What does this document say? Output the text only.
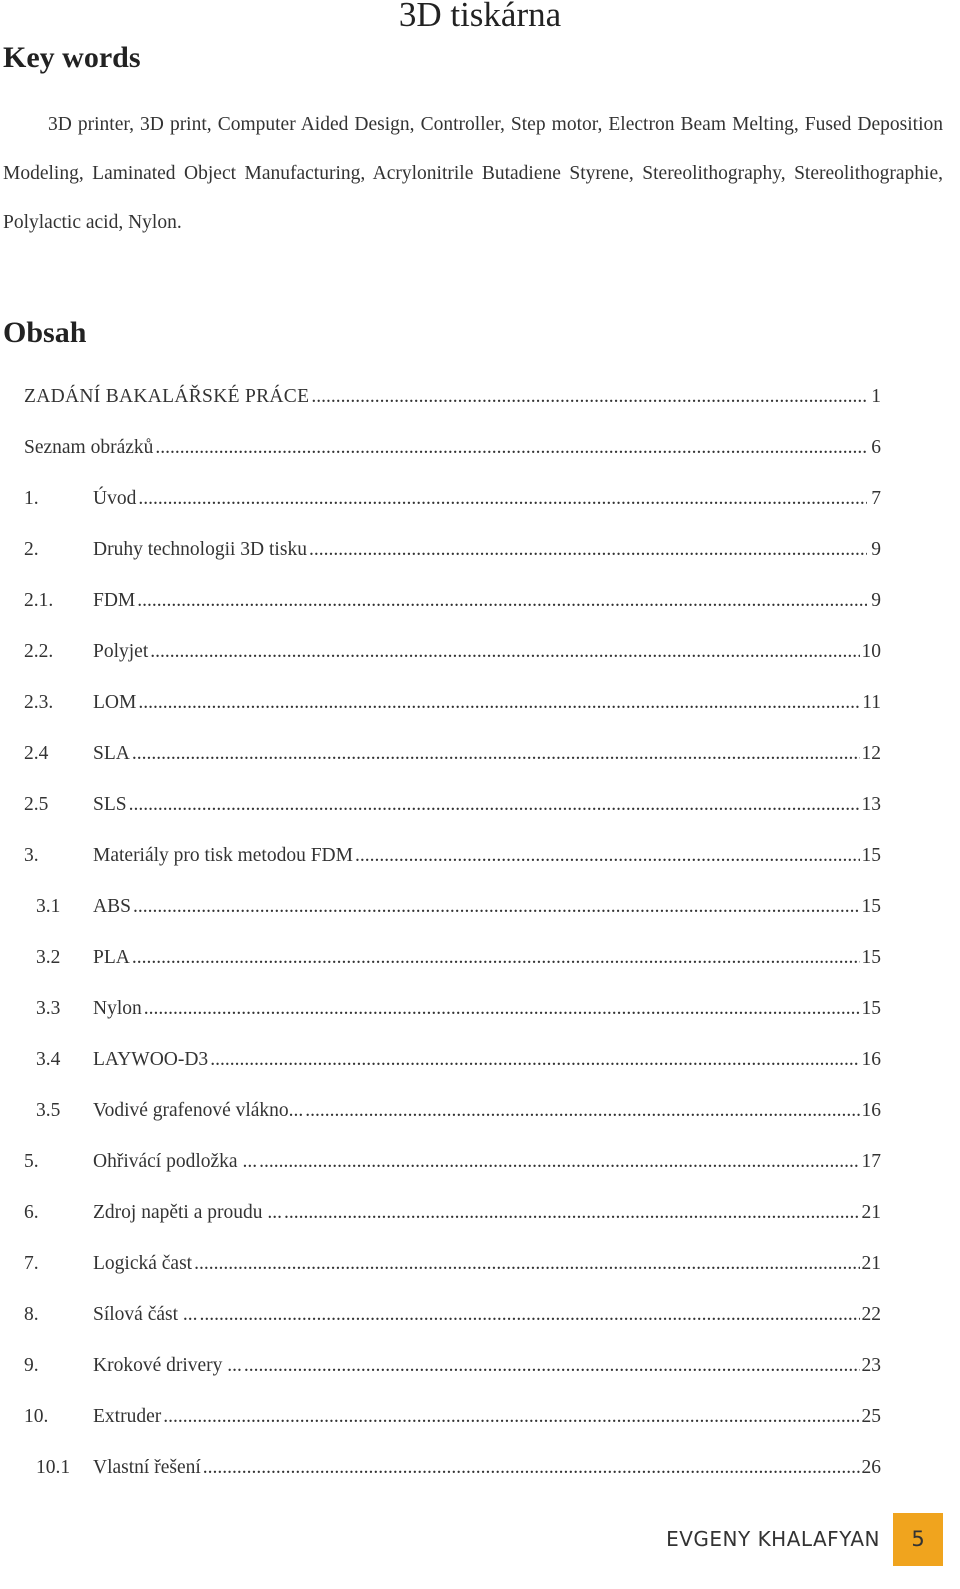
3D tiskárna
Key words
3D printer, 3D print, Computer Aided Design, Controller, Step motor, Electron Beam Melting, Fused Deposition Modeling, Laminated Object Manufacturing, Acrylonitrile Butadiene Styrene, Stereolithography, Stereolithographie, Polylactic acid, Nylon.
Obsah
ZADÁNÍ BAKALÁŘSKÉ PRÁCE .....	1
Seznam obrázků .....	6
1.	Úvod .....	7
2.	Druhy technologii 3D tisku .....	9
2.1.	FDM .....	9
2.2.	Polyjet .....	10
2.3.	LOM .....	11
2.4	SLA .....	12
2.5	SLS .....	13
3.	Materiály pro tisk metodou FDM .....	15
3.1	ABS .....	15
3.2	PLA .....	15
3.3	Nylon .....	15
3.4	LAYWOO-D3 .....	16
3.5	Vodivé grafenové vlákno... .....	16
5.	Ohřivácí podložka ... .....	17
6.	Zdroj napěti a proudu ... .....	21
7.	Logická čast .....	21
8.	Sílová část ... .....	22
9.	Krokové drivery ... .....	23
10.	Extruder .....	25
10.1	Vlastní řešení .....	26
EVGENY KHALAFYAN	5
